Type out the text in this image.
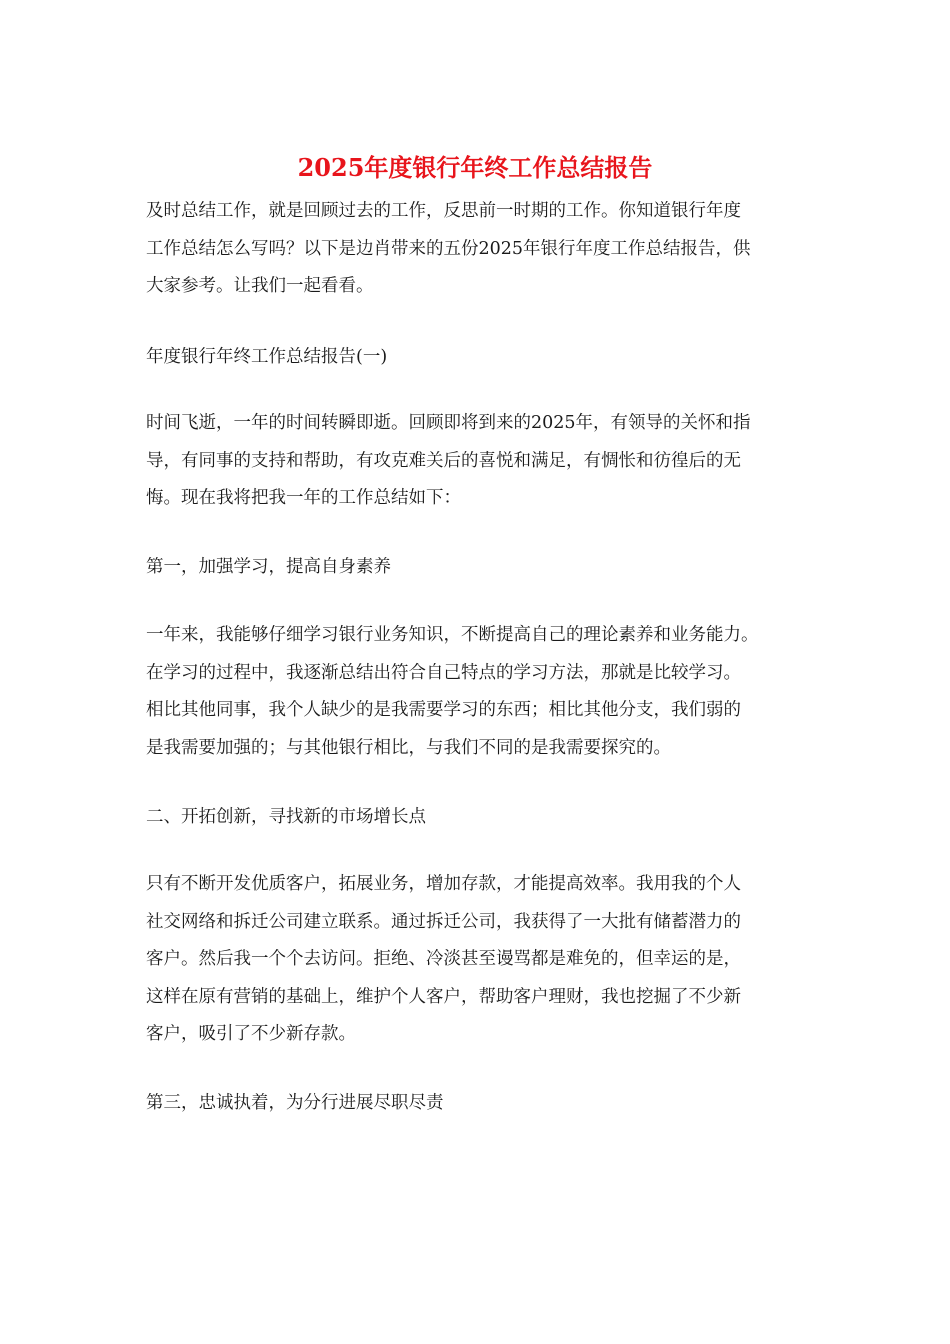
2025年度银行年终工作总结报告
及时总结工作，就是回顾过去的工作，反思前一时期的工作。你知道银行年度
工作总结怎么写吗？以下是边肖带来的五份2025年银行年度工作总结报告，供
大家参考。让我们一起看看。
年度银行年终工作总结报告(一)
时间飞逝，一年的时间转瞬即逝。回顾即将到来的2025年，有领导的关怀和指
导，有同事的支持和帮助，有攻克难关后的喜悦和满足，有惆怅和彷徨后的无
悔。现在我将把我一年的工作总结如下：
第一，加强学习，提高自身素养
一年来，我能够仔细学习银行业务知识，不断提高自己的理论素养和业务能力。
在学习的过程中，我逐渐总结出符合自己特点的学习方法，那就是比较学习。
相比其他同事，我个人缺少的是我需要学习的东西；相比其他分支，我们弱的
是我需要加强的；与其他银行相比，与我们不同的是我需要探究的。
二、开拓创新，寻找新的市场增长点
只有不断开发优质客户，拓展业务，增加存款，才能提高效率。我用我的个人
社交网络和拆迁公司建立联系。通过拆迁公司，我获得了一大批有储蓄潜力的
客户。然后我一个个去访问。拒绝、冷淡甚至谩骂都是难免的，但幸运的是，
这样在原有营销的基础上，维护个人客户，帮助客户理财，我也挖掘了不少新
客户，吸引了不少新存款。
第三，忠诚执着，为分行进展尽职尽责
